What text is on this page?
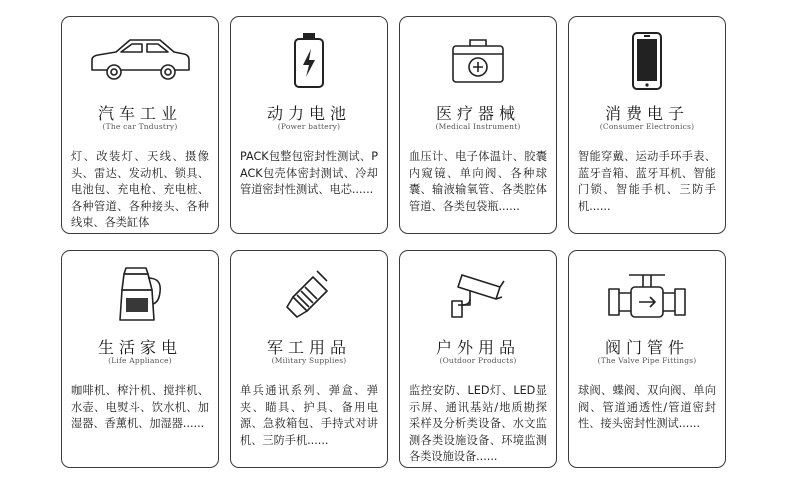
汽车工业
(The car Tndustry)
灯、改装灯、天线、摄像头、雷达、发动机、锁具、电池包、充电枪、充电桩、各种管道、各种接头、各种线束、各类缸体
动力电池
(Power battery)
PACK包整包密封性测试、PACK包壳体密封测试、冷却管道密封性测试、电芯......
医疗器械
(Medical Instrument)
血压计、电子体温计、胶囊内窥镜、单向阀、各种球囊、输液输氧管、各类腔体管道、各类包袋瓶......
消费电子
(Consumer Electronics)
智能穿戴、运动手环手表、蓝牙音箱、蓝牙耳机、智能门锁、智能手机、三防手机......
生活家电
(Life Appliance)
咖啡机、榨汁机、搅拌机、水壶、电熨斗、饮水机、加湿器、香薰机、加湿器......
军工用品
(Military Supplies)
单兵通讯系列、弹盒、弹夹、瞄具、护具、备用电源、急救箱包、手持式对讲机、三防手机......
户外用品
(Outdoor Products)
监控安防、LED灯、LED显示屏、通讯基站/地质勘探采样及分析类设备、水文监测各类设施设备、环境监测各类设施设备......
阀门管件
(The Valve Pipe Fittings)
球阀、蝶阀、双向阀、单向阀、管道通透性/管道密封性、接头密封性测试......
